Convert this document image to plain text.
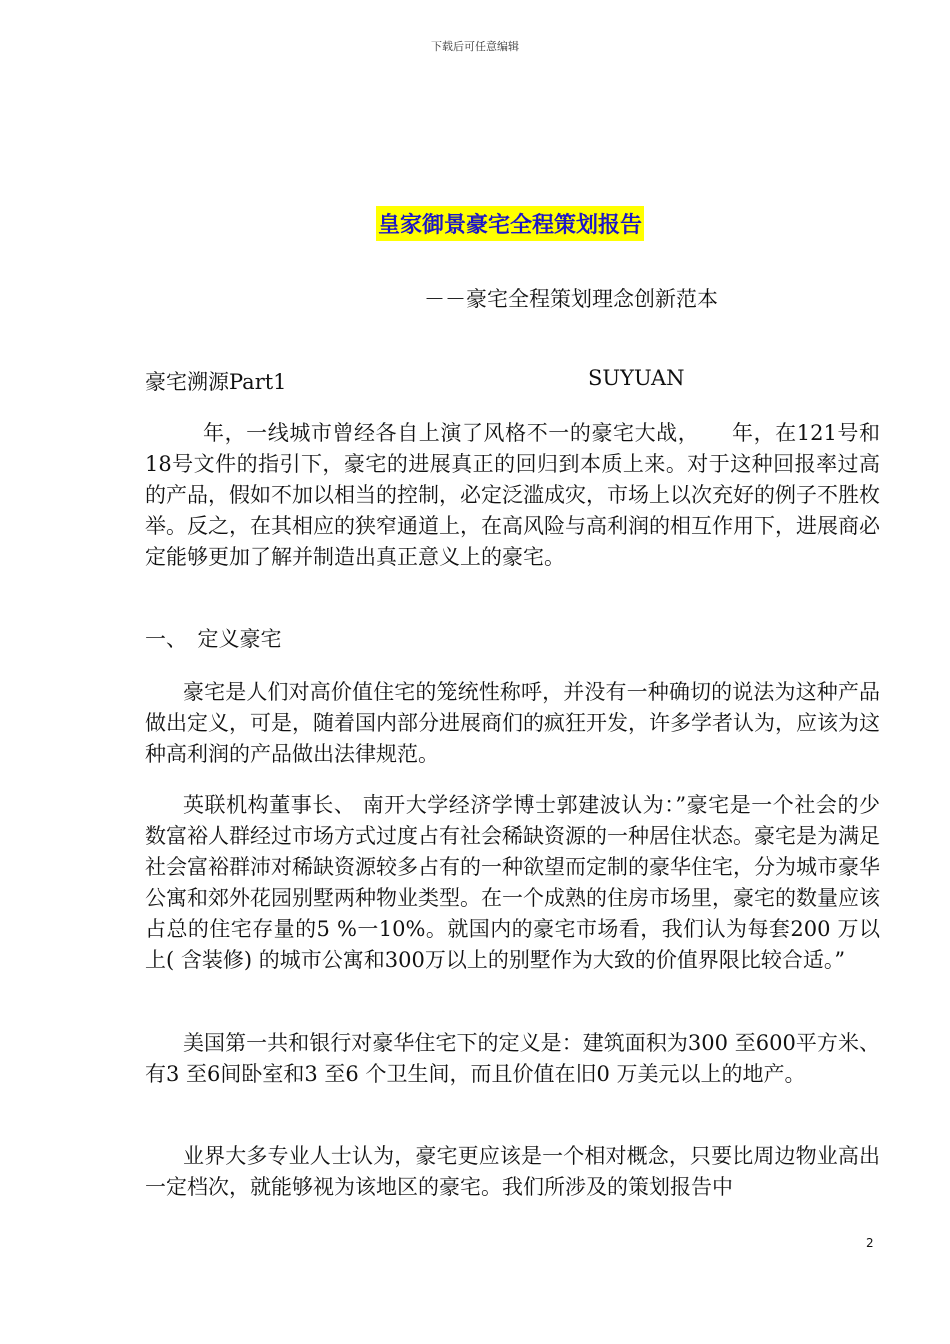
下载后可任意编辑
皇家御景豪宅全程策划报告
－－豪宅全程策划理念创新范本
豪宅溯源Part1	SUYUAN

年，一线城市曾经各自上演了风格不一的豪宅大战，　　年，在121号和18号文件的指引下，豪宅的进展真正的回归到本质上来。对于这种回报率过高的产品，假如不加以相当的控制，必定泛滥成灾，市场上以次充好的例子不胜枚举。反之，在其相应的狭窄通道上，在高风险与高利润的相互作用下，进展商必定能够更加了解并制造出真正意义上的豪宅。

一、　定义豪宅

豪宅是人们对高价值住宅的笼统性称呼，并没有一种确切的说法为这种产品做出定义，可是，随着国内部分进展商们的疯狂开发，许多学者认为，应该为这种高利润的产品做出法律规范。

英联机构董事长、 南开大学经济学博士郭建波认为：”豪宅是一个社会的少数富裕人群经过市场方式过度占有社会稀缺资源的一种居住状态。豪宅是为满足社会富裕群沛对稀缺资源较多占有的一种欲望而定制的豪华住宅，分为城市豪华公寓和郊外花园别墅两种物业类型。在一个成熟的住房市场里，豪宅的数量应该占总的住宅存量的5 %一10%。就国内的豪宅市场看，我们认为每套200 万以上( 含装修) 的城市公寓和300万以上的别墅作为大致的价值界限比较合适。”

美国第一共和银行对豪华住宅下的定义是：建筑面积为300 至600平方米、 有3 至6间卧室和3 至6 个卫生间，而且价值在旧0 万美元以上的地产。

业界大多专业人士认为，豪宅更应该是一个相对概念，只要比周边物业高出一定档次，就能够视为该地区的豪宅。我们所涉及的策划报告中

2
